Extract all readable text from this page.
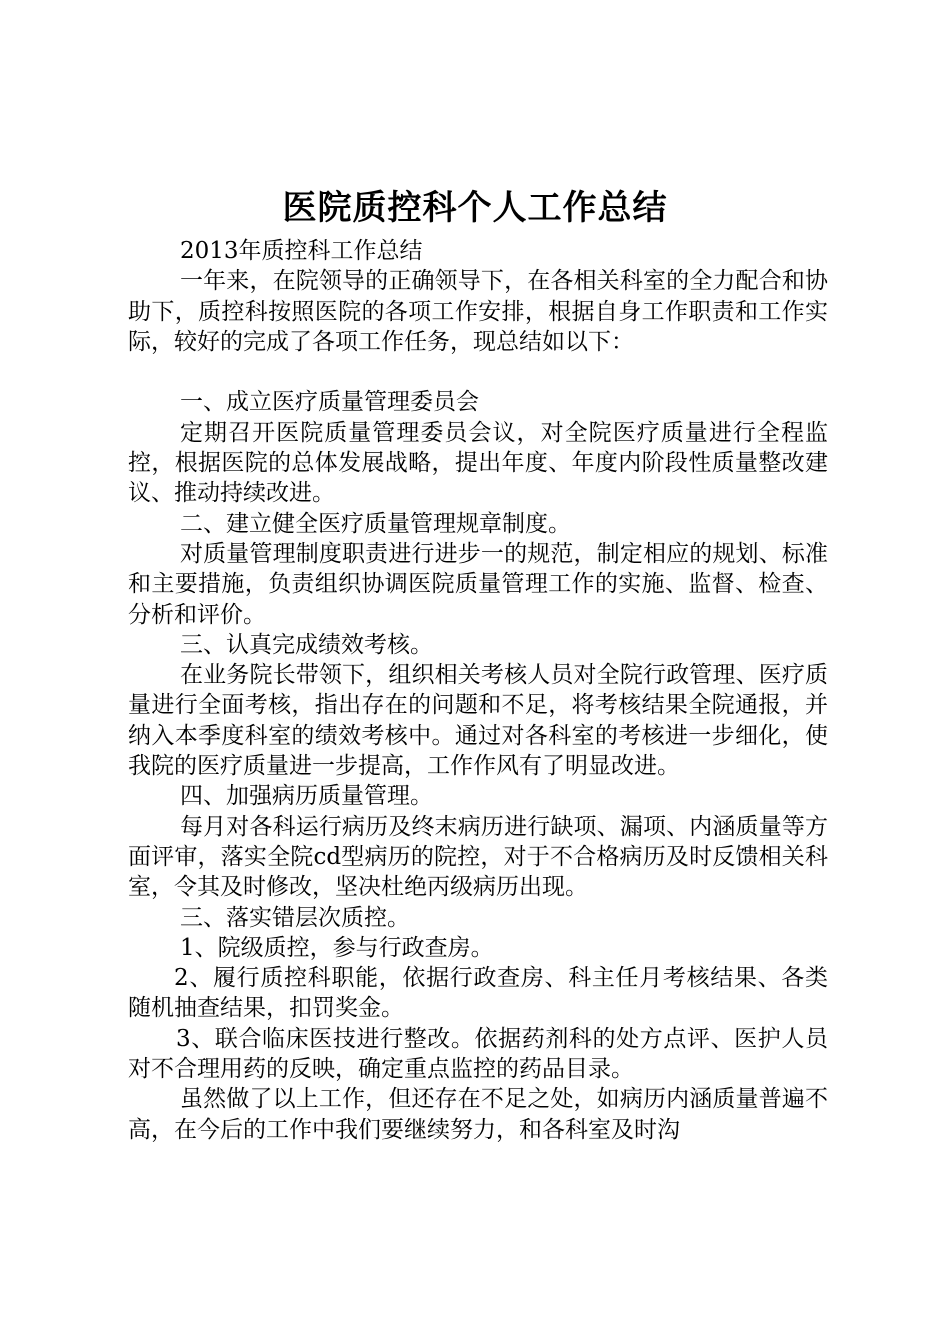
医院质控科个人工作总结

2013年质控科工作总结

一年来，在院领导的正确领导下，在各相关科室的全力配合和协助下，质控科按照医院的各项工作安排，根据自身工作职责和工作实际，较好的完成了各项工作任务，现总结如以下：

一、成立医疗质量管理委员会

定期召开医院质量管理委员会议，对全院医疗质量进行全程监控，根据医院的总体发展战略，提出年度、年度内阶段性质量整改建议、推动持续改进。

二、建立健全医疗质量管理规章制度。

对质量管理制度职责进行进步一的规范，制定相应的规划、标准和主要措施，负责组织协调医院质量管理工作的实施、监督、检查、分析和评价。

三、认真完成绩效考核。

在业务院长带领下，组织相关考核人员对全院行政管理、医疗质量进行全面考核，指出存在的问题和不足，将考核结果全院通报，并纳入本季度科室的绩效考核中。通过对各科室的考核进一步细化，使我院的医疗质量进一步提高，工作作风有了明显改进。

四、加强病历质量管理。

每月对各科运行病历及终末病历进行缺项、漏项、内涵质量等方面评审，落实全院cd型病历的院控，对于不合格病历及时反馈相关科室，令其及时修改，坚决杜绝丙级病历出现。

三、落实错层次质控。

1、院级质控，参与行政查房。

2、履行质控科职能，依据行政查房、科主任月考核结果、各类随机抽查结果，扣罚奖金。

3、联合临床医技进行整改。依据药剂科的处方点评、医护人员对不合理用药的反映，确定重点监控的药品目录。

虽然做了以上工作，但还存在不足之处，如病历内涵质量普遍不高，在今后的工作中我们要继续努力，和各科室及时沟
